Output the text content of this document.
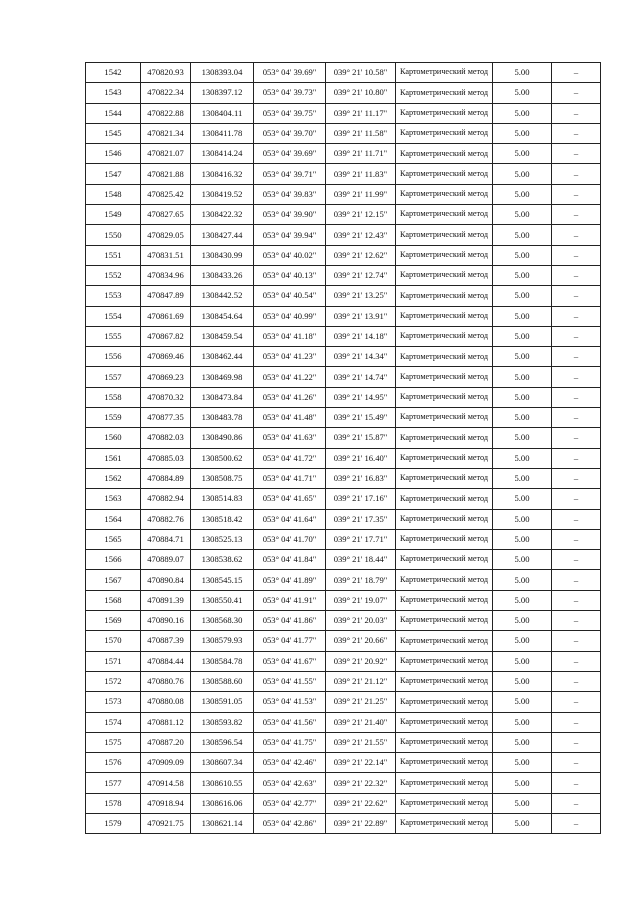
1542	470820.93	1308393.04	053° 04' 39.69"	039° 21' 10.58"	Картометрический метод	5.00	–
1543	470822.34	1308397.12	053° 04' 39.73"	039° 21' 10.80"	Картометрический метод	5.00	–
1544	470822.88	1308404.11	053° 04' 39.75"	039° 21' 11.17"	Картометрический метод	5.00	–
1545	470821.34	1308411.78	053° 04' 39.70"	039° 21' 11.58"	Картометрический метод	5.00	–
1546	470821.07	1308414.24	053° 04' 39.69"	039° 21' 11.71"	Картометрический метод	5.00	–
1547	470821.88	1308416.32	053° 04' 39.71"	039° 21' 11.83"	Картометрический метод	5.00	–
1548	470825.42	1308419.52	053° 04' 39.83"	039° 21' 11.99"	Картометрический метод	5.00	–
1549	470827.65	1308422.32	053° 04' 39.90"	039° 21' 12.15"	Картометрический метод	5.00	–
1550	470829.05	1308427.44	053° 04' 39.94"	039° 21' 12.43"	Картометрический метод	5.00	–
1551	470831.51	1308430.99	053° 04' 40.02"	039° 21' 12.62"	Картометрический метод	5.00	–
1552	470834.96	1308433.26	053° 04' 40.13"	039° 21' 12.74"	Картометрический метод	5.00	–
1553	470847.89	1308442.52	053° 04' 40.54"	039° 21' 13.25"	Картометрический метод	5.00	–
1554	470861.69	1308454.64	053° 04' 40.99"	039° 21' 13.91"	Картометрический метод	5.00	–
1555	470867.82	1308459.54	053° 04' 41.18"	039° 21' 14.18"	Картометрический метод	5.00	–
1556	470869.46	1308462.44	053° 04' 41.23"	039° 21' 14.34"	Картометрический метод	5.00	–
1557	470869.23	1308469.98	053° 04' 41.22"	039° 21' 14.74"	Картометрический метод	5.00	–
1558	470870.32	1308473.84	053° 04' 41.26"	039° 21' 14.95"	Картометрический метод	5.00	–
1559	470877.35	1308483.78	053° 04' 41.48"	039° 21' 15.49"	Картометрический метод	5.00	–
1560	470882.03	1308490.86	053° 04' 41.63"	039° 21' 15.87"	Картометрический метод	5.00	–
1561	470885.03	1308500.62	053° 04' 41.72"	039° 21' 16.40"	Картометрический метод	5.00	–
1562	470884.89	1308508.75	053° 04' 41.71"	039° 21' 16.83"	Картометрический метод	5.00	–
1563	470882.94	1308514.83	053° 04' 41.65"	039° 21' 17.16"	Картометрический метод	5.00	–
1564	470882.76	1308518.42	053° 04' 41.64"	039° 21' 17.35"	Картометрический метод	5.00	–
1565	470884.71	1308525.13	053° 04' 41.70"	039° 21' 17.71"	Картометрический метод	5.00	–
1566	470889.07	1308538.62	053° 04' 41.84"	039° 21' 18.44"	Картометрический метод	5.00	–
1567	470890.84	1308545.15	053° 04' 41.89"	039° 21' 18.79"	Картометрический метод	5.00	–
1568	470891.39	1308550.41	053° 04' 41.91"	039° 21' 19.07"	Картометрический метод	5.00	–
1569	470890.16	1308568.30	053° 04' 41.86"	039° 21' 20.03"	Картометрический метод	5.00	–
1570	470887.39	1308579.93	053° 04' 41.77"	039° 21' 20.66"	Картометрический метод	5.00	–
1571	470884.44	1308584.78	053° 04' 41.67"	039° 21' 20.92"	Картометрический метод	5.00	–
1572	470880.76	1308588.60	053° 04' 41.55"	039° 21' 21.12"	Картометрический метод	5.00	–
1573	470880.08	1308591.05	053° 04' 41.53"	039° 21' 21.25"	Картометрический метод	5.00	–
1574	470881.12	1308593.82	053° 04' 41.56"	039° 21' 21.40"	Картометрический метод	5.00	–
1575	470887.20	1308596.54	053° 04' 41.75"	039° 21' 21.55"	Картометрический метод	5.00	–
1576	470909.09	1308607.34	053° 04' 42.46"	039° 21' 22.14"	Картометрический метод	5.00	–
1577	470914.58	1308610.55	053° 04' 42.63"	039° 21' 22.32"	Картометрический метод	5.00	–
1578	470918.94	1308616.06	053° 04' 42.77"	039° 21' 22.62"	Картометрический метод	5.00	–
1579	470921.75	1308621.14	053° 04' 42.86"	039° 21' 22.89"	Картометрический метод	5.00	–
